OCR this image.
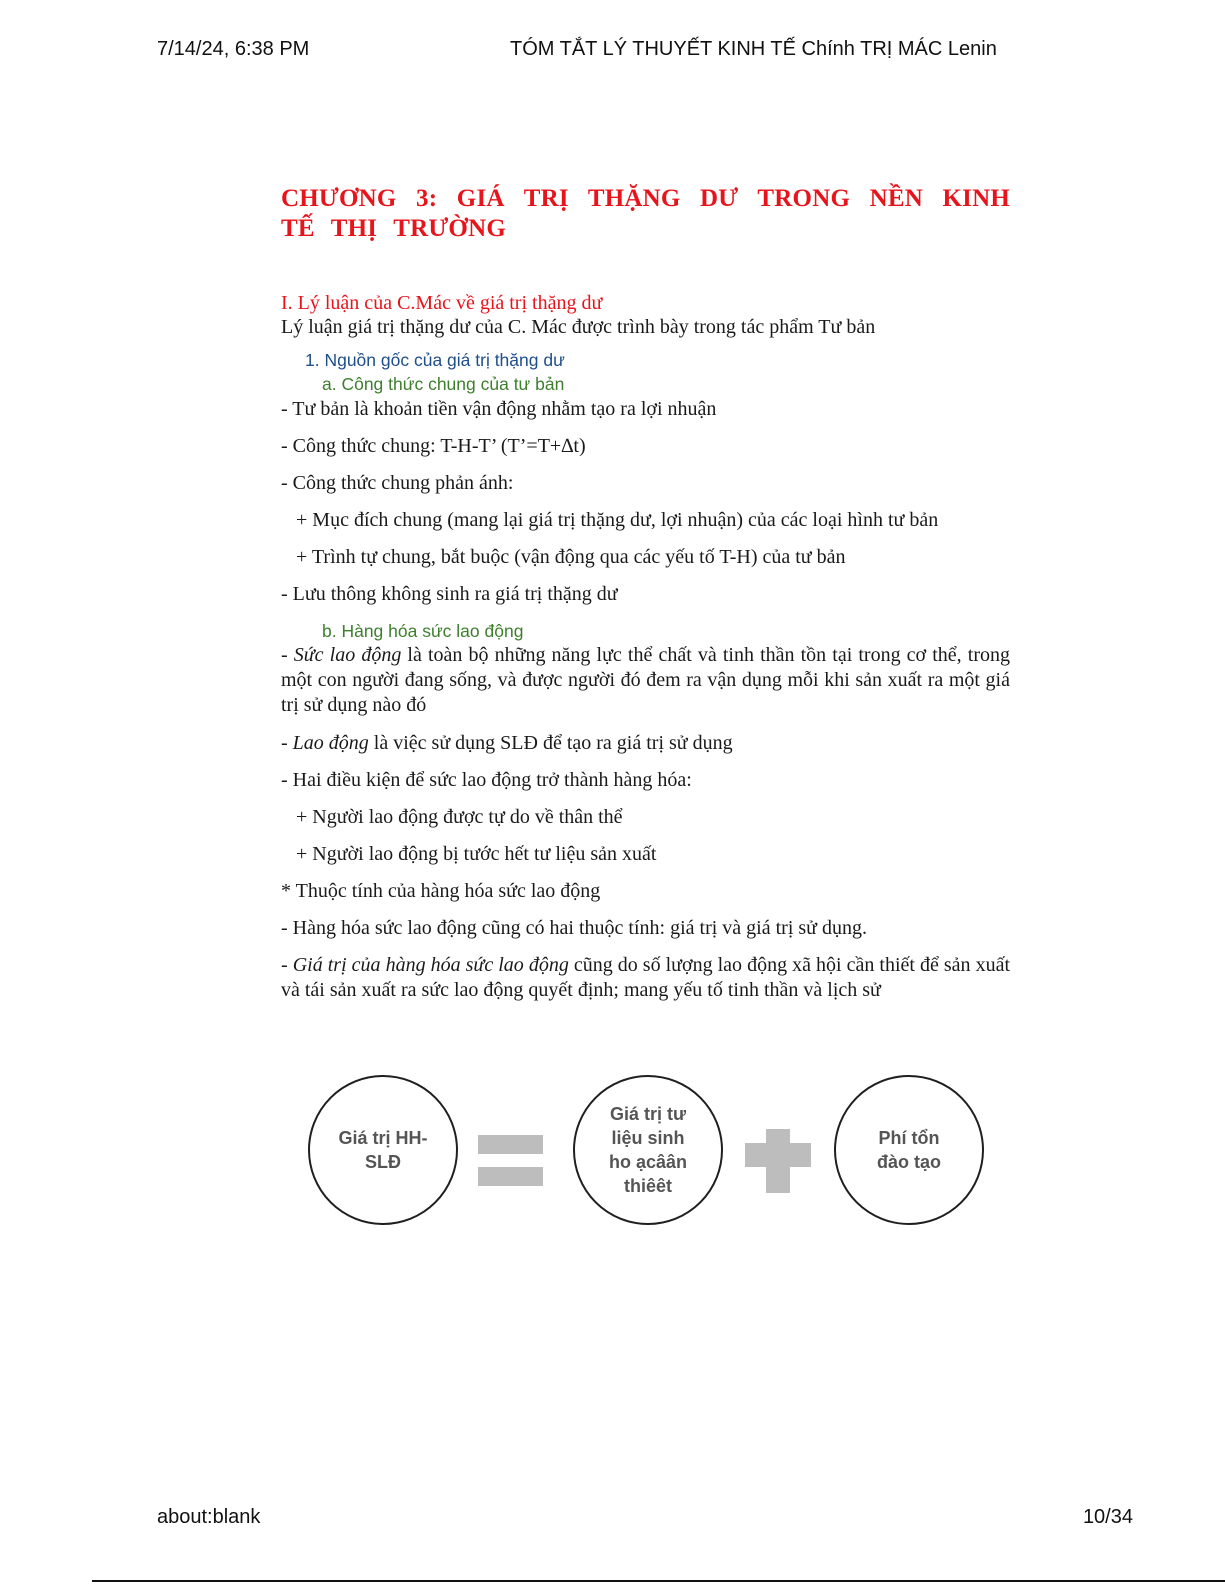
7/14/24, 6:38 PM	TÓM TẮT LÝ THUYẾT KINH TẾ Chính TRỊ MÁC Lenin
CHƯƠNG 3: GIÁ TRỊ THẶNG DƯ TRONG NỀN KINH TẾ THỊ TRƯỜNG
I. Lý luận của C.Mác về giá trị thặng dư
Lý luận giá trị thặng dư của C. Mác được trình bày trong tác phẩm Tư bản
1. Nguồn gốc của giá trị thặng dư
a. Công thức chung của tư bản
- Tư bản là khoản tiền vận động nhằm tạo ra lợi nhuận
- Công thức chung: T-H-T’ (T’=T+∆t)
- Công thức chung phản ánh:
+ Mục đích chung (mang lại giá trị thặng dư, lợi nhuận) của các loại hình tư bản
+ Trình tự chung, bắt buộc (vận động qua các yếu tố T-H) của tư bản
- Lưu thông không sinh ra giá trị thặng dư
b. Hàng hóa sức lao động
- Sức lao động là toàn bộ những năng lực thể chất và tinh thần tồn tại trong cơ thể, trong một con người đang sống, và được người đó đem ra vận dụng mỗi khi sản xuất ra một giá trị sử dụng nào đó
- Lao động là việc sử dụng SLĐ để tạo ra giá trị sử dụng
- Hai điều kiện để sức lao động trở thành hàng hóa:
+ Người lao động được tự do về thân thể
+ Người lao động bị tước hết tư liệu sản xuất
* Thuộc tính của hàng hóa sức lao động
- Hàng hóa sức lao động cũng có hai thuộc tính: giá trị và giá trị sử dụng.
- Giá trị của hàng hóa sức lao động cũng do số lượng lao động xã hội cần thiết để sản xuất và tái sản xuất ra sức lao động quyết định; mang yếu tố tinh thần và lịch sử
Giá trị HH-
SLĐ
Giá trị tư
liệu sinh
ho ạcâân
thiêêt
Phí tổn
đào tạo
about:blank	10/34
